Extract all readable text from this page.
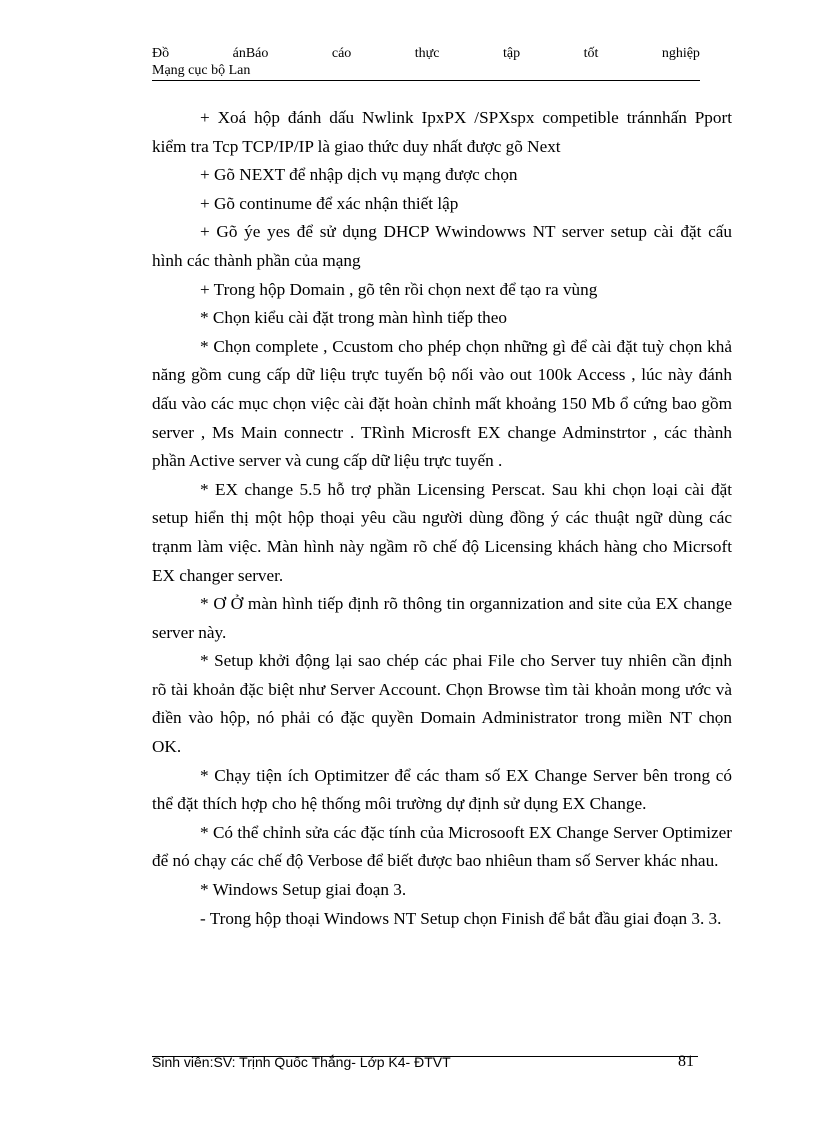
Đồ	ánBáo	cáo	thực	tập	tốt	nghiệp
Mạng cục bộ Lan

+ Xoá hộp đánh dấu Nwlink IpxPX /SPXspx competible tránnhấn Pport kiểm tra Tcp TCP/IP/IP là giao thức duy nhất được gõ Next

+ Gõ NEXT để nhập dịch vụ mạng được chọn

+ Gõ continume để xác nhận thiết lập

+ Gõ ýe yes để sử dụng DHCP Wwindowws NT server setup cài đặt cấu hình các thành phần của mạng

+ Trong hộp Domain , gõ tên rồi chọn next để tạo ra vùng

* Chọn kiểu cài đặt trong màn hình tiếp theo

* Chọn complete , Ccustom cho phép chọn những gì để cài đặt tuỳ chọn khả năng gồm cung cấp dữ liệu trực tuyến bộ nối vào out 100k Access , lúc này đánh dấu vào các mục chọn việc cài đặt hoàn chỉnh mất khoảng 150 Mb ổ cứng bao gồm server , Ms Main connectr . TRình Microsft EX change Adminstrtor , các thành phần Active server và cung cấp dữ liệu trực tuyến .

* EX change 5.5 hỗ trợ phần Licensing Perscat. Sau khi chọn loại cài đặt setup hiển thị một hộp thoại yêu cầu người dùng đồng ý các thuật ngữ dùng các trạnm làm việc. Màn hình này ngầm rõ chế độ Licensing khách hàng cho Micrsoft EX changer server.

* Ơ Ở màn hình tiếp định rõ thông tin organnization and site của EX change server này.

* Setup khởi động lại sao chép các phai File cho Server tuy nhiên cần định rõ tài khoản đặc biệt như Server Account. Chọn Browse tìm tài khoản mong ước và điền vào hộp, nó phải có đặc quyền Domain Administrator trong miền NT chọn OK.

* Chạy tiện ích Optimitzer để các tham số EX Change Server bên trong có thể đặt thích hợp cho hệ thống môi trường dự định sử dụng EX Change.

* Có thể chỉnh sửa các đặc tính của Microsooft EX Change Server Optimizer để nó chạy các chế độ Verbose để biết được bao nhiêun tham số Server khác nhau.

* Windows Setup giai đoạn 3.

- Trong hộp thoại Windows NT Setup chọn Finish để bắt đầu giai đoạn 3. 3.

Sinh viên:SV: Trịnh Quốc Thắng- Lớp K4- ĐTVT	81
